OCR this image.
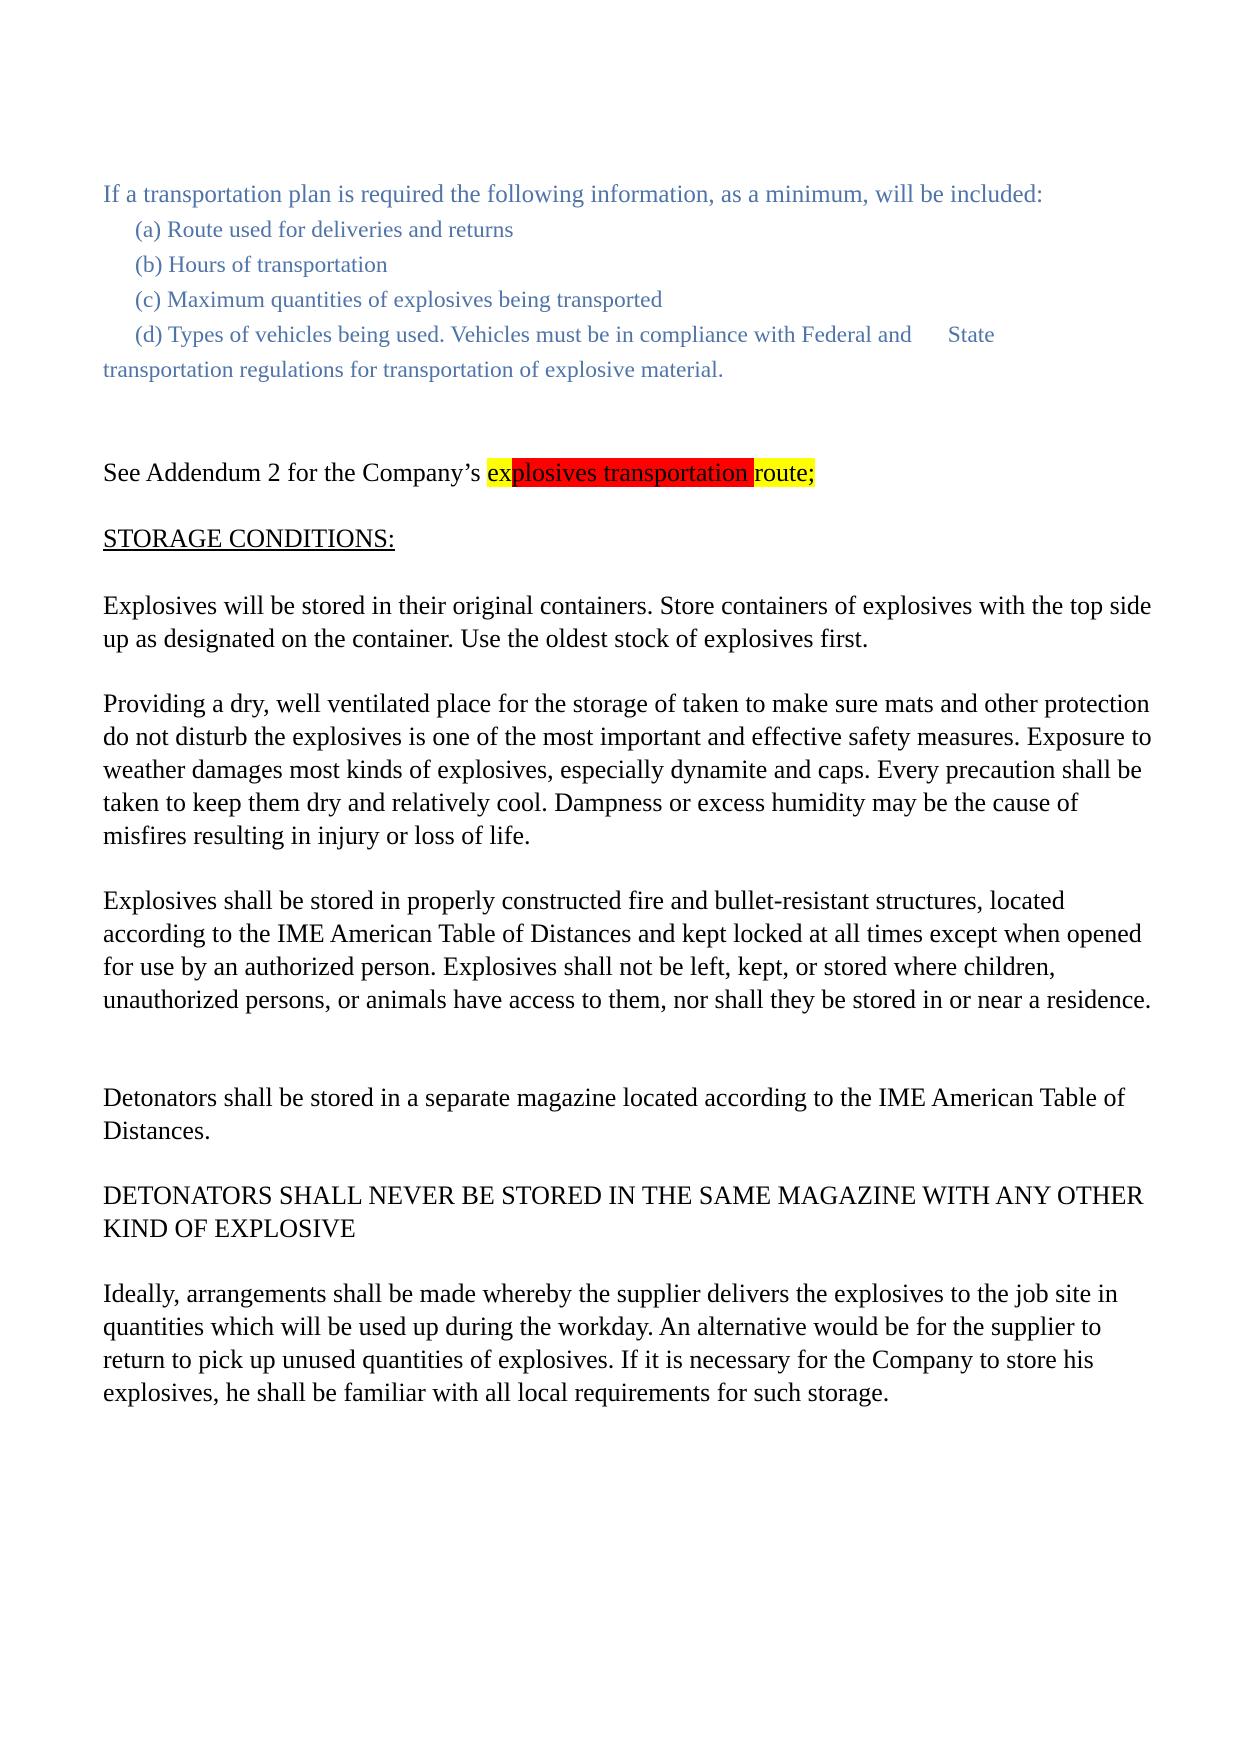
If a transportation plan is required the following information, as a minimum, will be included:

(a) Route used for deliveries and returns

(b) Hours of transportation

(c) Maximum quantities of explosives being transported

(d) Types of vehicles being used. Vehicles must be in compliance with Federal and State
transportation regulations for transportation of explosive material.

See Addendum 2 for the Company’s explosives transportation route;

STORAGE CONDITIONS:

Explosives will be stored in their original containers. Store containers of explosives with the top side up as designated on the container. Use the oldest stock of explosives first.

Providing a dry, well ventilated place for the storage of taken to make sure mats and other protection do not disturb the explosives is one of the most important and effective safety measures. Exposure to weather damages most kinds of explosives, especially dynamite and caps. Every precaution shall be taken to keep them dry and relatively cool. Dampness or excess humidity may be the cause of misfires resulting in injury or loss of life.

Explosives shall be stored in properly constructed fire and bullet-resistant structures, located according to the IME American Table of Distances and kept locked at all times except when opened for use by an authorized person. Explosives shall not be left, kept, or stored where children, unauthorized persons, or animals have access to them, nor shall they be stored in or near a residence.

Detonators shall be stored in a separate magazine located according to the IME American Table of Distances.

DETONATORS SHALL NEVER BE STORED IN THE SAME MAGAZINE WITH ANY OTHER KIND OF EXPLOSIVE

Ideally, arrangements shall be made whereby the supplier delivers the explosives to the job site in quantities which will be used up during the workday. An alternative would be for the supplier to return to pick up unused quantities of explosives. If it is necessary for the Company to store his explosives, he shall be familiar with all local requirements for such storage.
